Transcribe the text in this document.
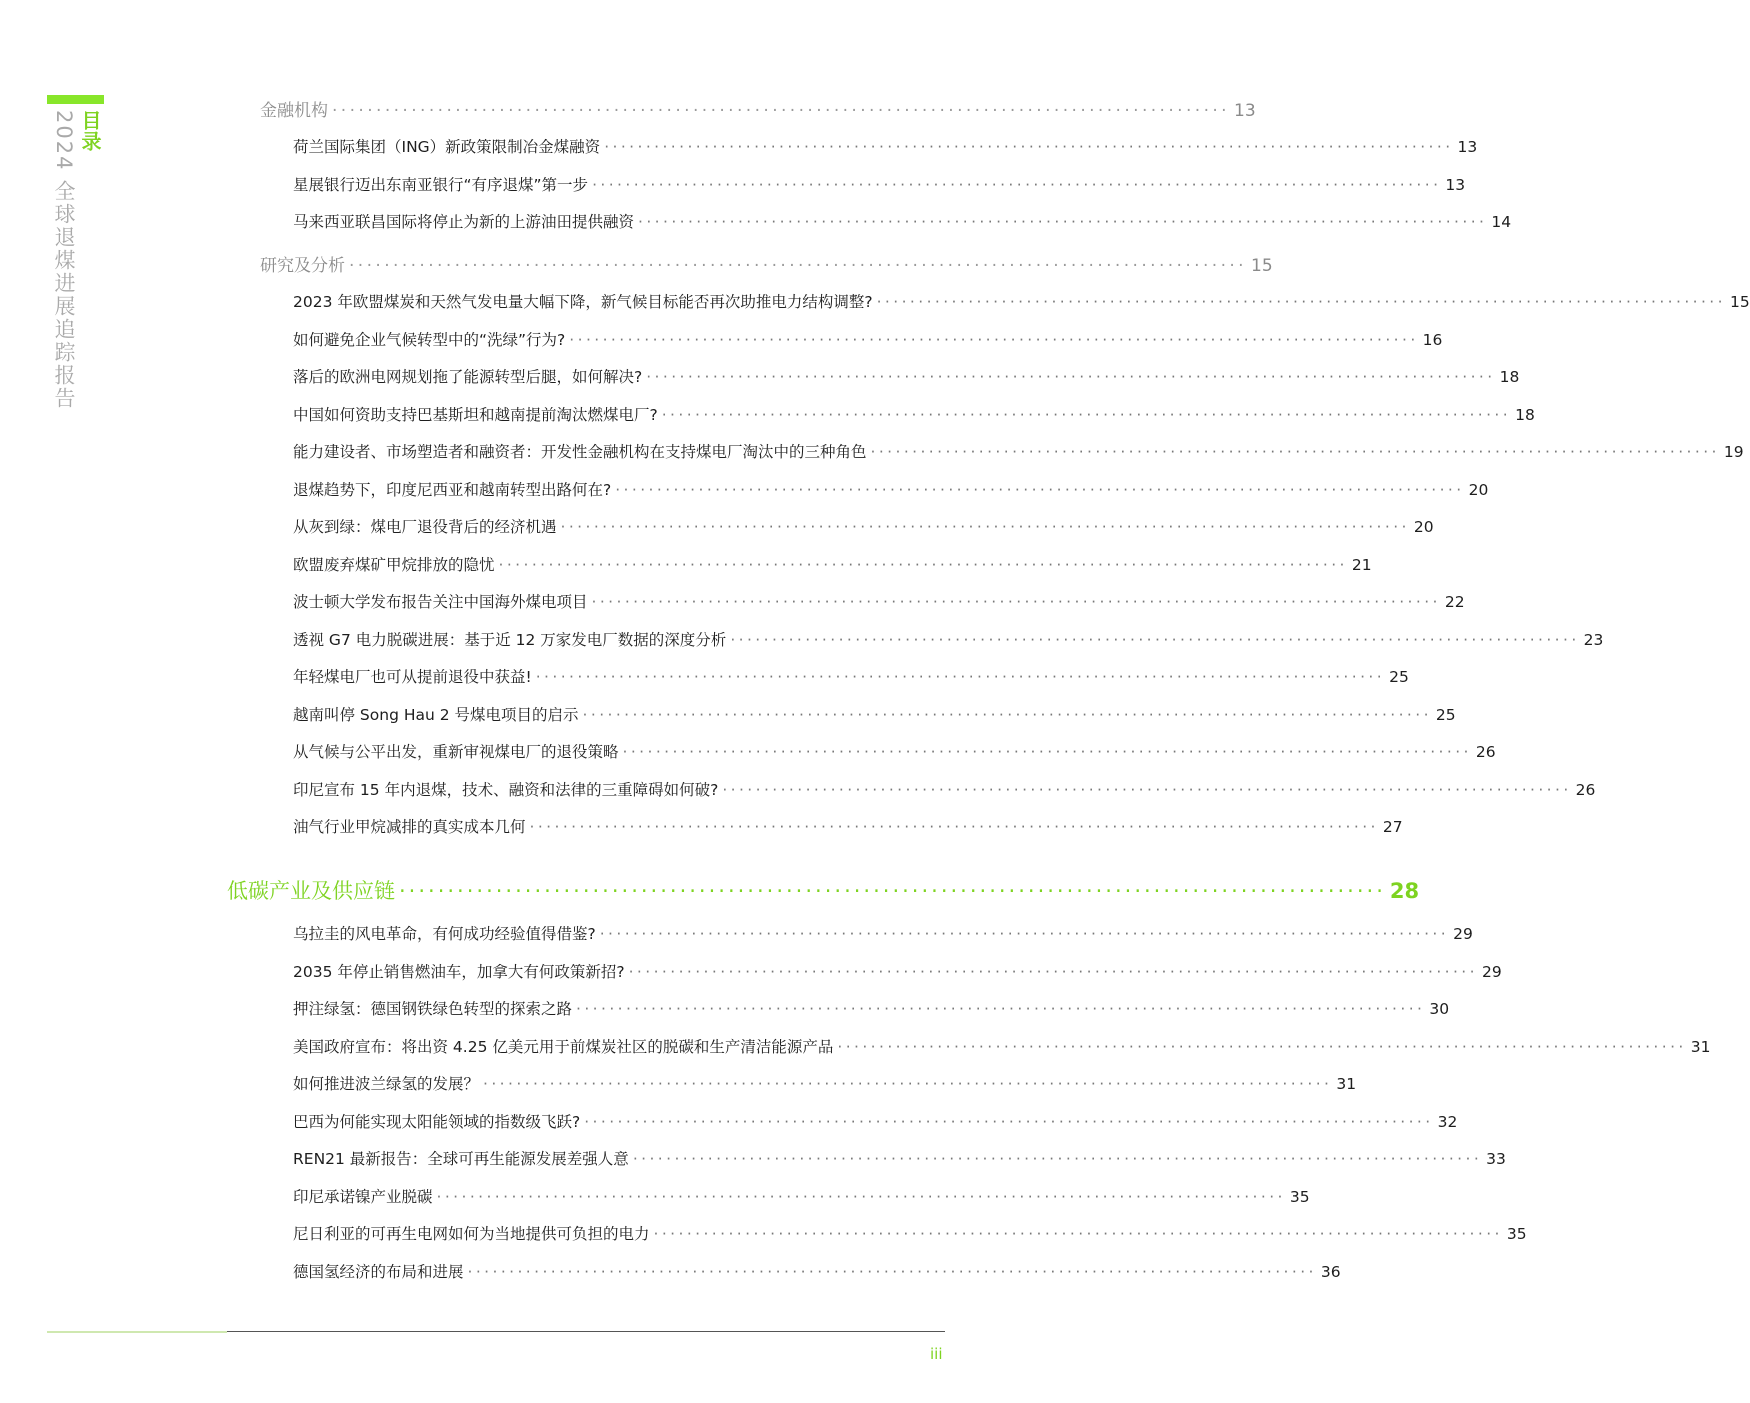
目录
2024 全球退煤进展追踪报告	金融机构 ······································································································ 13
荷兰国际集团（ING）新政策限制冶金煤融资 ······································································································ 13
星展银行迈出东南亚银行“有序退煤”第一步 ······································································································ 13
马来西亚联昌国际将停止为新的上游油田提供融资 ······································································································ 14
研究及分析 ······································································································ 15
2023 年欧盟煤炭和天然气发电量大幅下降，新气候目标能否再次助推电力结构调整? ······································································································ 15
如何避免企业气候转型中的“洗绿”行为? ······································································································ 16
落后的欧洲电网规划拖了能源转型后腿，如何解决? ······································································································ 18
中国如何资助支持巴基斯坦和越南提前淘汰燃煤电厂? ······································································································ 18
能力建设者、市场塑造者和融资者：开发性金融机构在支持煤电厂淘汰中的三种角色 ······································································································ 19
退煤趋势下，印度尼西亚和越南转型出路何在? ······································································································ 20
从灰到绿：煤电厂退役背后的经济机遇 ······································································································ 20
欧盟废弃煤矿甲烷排放的隐忧 ······································································································ 21
波士顿大学发布报告关注中国海外煤电项目 ······································································································ 22
透视 G7 电力脱碳进展：基于近 12 万家发电厂数据的深度分析 ······································································································ 23
年轻煤电厂也可从提前退役中获益! ······································································································ 25
越南叫停 Song Hau 2 号煤电项目的启示 ······································································································ 25
从气候与公平出发，重新审视煤电厂的退役策略 ······································································································ 26
印尼宣布 15 年内退煤，技术、融资和法律的三重障碍如何破? ······································································································ 26
油气行业甲烷减排的真实成本几何 ······································································································ 27
低碳产业及供应链 ······································································································ 28
乌拉圭的风电革命，有何成功经验值得借鉴? ······································································································ 29
2035 年停止销售燃油车，加拿大有何政策新招? ······································································································ 29
押注绿氢：德国钢铁绿色转型的探索之路 ······································································································ 30
美国政府宣布：将出资 4.25 亿美元用于前煤炭社区的脱碳和生产清洁能源产品 ······································································································ 31
如何推进波兰绿氢的发展？ ······································································································ 31
巴西为何能实现太阳能领域的指数级飞跃? ······································································································ 32
REN21 最新报告：全球可再生能源发展差强人意 ······································································································ 33
印尼承诺镍产业脱碳 ······································································································ 35
尼日利亚的可再生电网如何为当地提供可负担的电力 ······································································································ 35
德国氢经济的布局和进展 ······································································································ 36
iii
